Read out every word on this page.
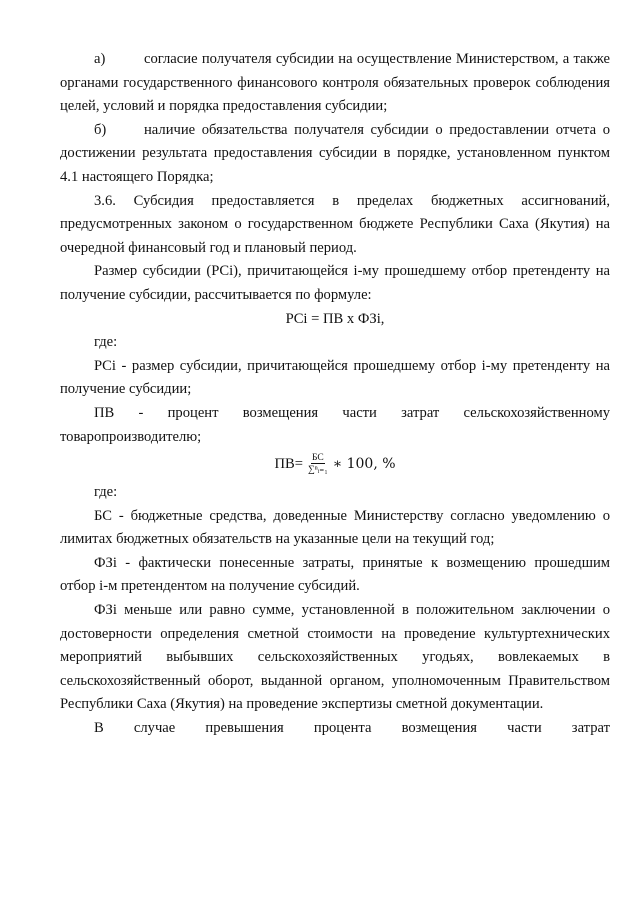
а)	согласие получателя субсидии на осуществление Министерством, а также органами государственного финансового контроля обязательных проверок соблюдения целей, условий и порядка предоставления субсидии;

б)	наличие обязательства получателя субсидии о предоставлении отчета о достижении результата предоставления субсидии в порядке, установленном пунктом 4.1 настоящего Порядка;

3.6. Субсидия предоставляется в пределах бюджетных ассигнований, предусмотренных законом о государственном бюджете Республики Саха (Якутия) на очередной финансовый год и плановый период.

Размер субсидии (PCi), причитающейся i-му прошедшему отбор претенденту на получение субсидии, рассчитывается по формуле:

PCi = ПВ х ФЗi,

где:

PCi - размер субсидии, причитающейся прошедшему отбор i-му претенденту на получение субсидии;

ПВ - процент возмещения части затрат сельскохозяйственному товаропроизводителю;

$ПВ= \frac{БС}{\text{∑ⁿᵢ₌₁}}$ ∗ 100, %

где:

БС - бюджетные средства, доведенные Министерству согласно уведомлению о лимитах бюджетных обязательств на указанные цели на текущий год;

ФЗi - фактически понесенные затраты, принятые к возмещению прошедшим отбор i-м претендентом на получение субсидий.

ФЗi меньше или равно сумме, установленной в положительном заключении о достоверности определения сметной стоимости на проведение культуртехнических мероприятий выбывших сельскохозяйственных угодьях, вовлекаемых в сельскохозяйственный оборот, выданной органом, уполномоченным Правительством Республики Саха (Якутия) на проведение экспертизы сметной документации.

В случае превышения процента возмещения части затрат
